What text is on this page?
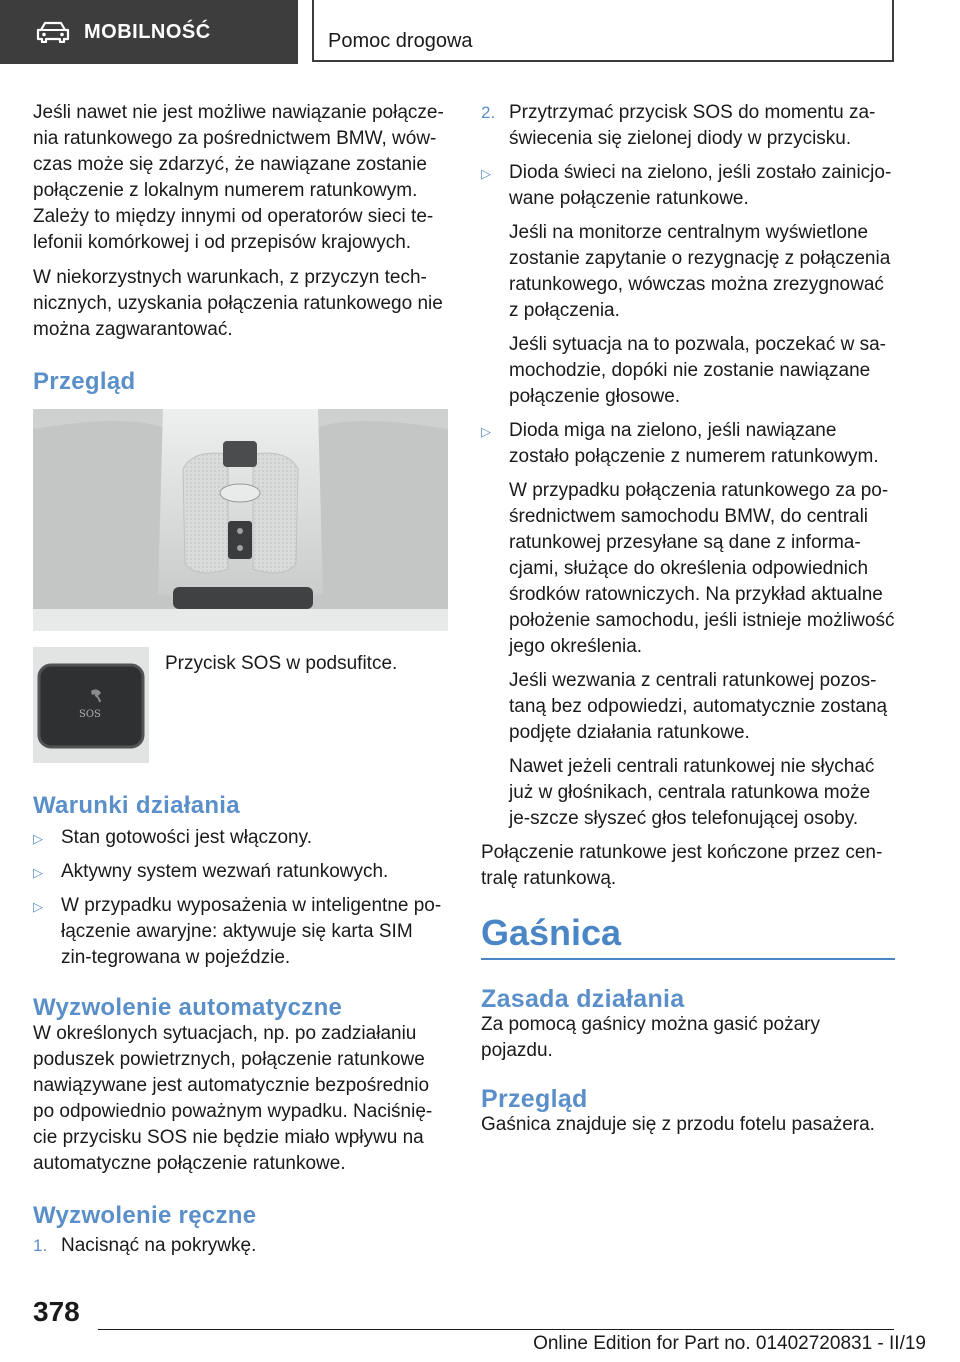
MOBILNOŚĆ	Pomoc drogowa

Jeśli nawet nie jest możliwe nawiązanie połącze-nia ratunkowego za pośrednictwem BMW, wów-czas może się zdarzyć, że nawiązane zostanie połączenie z lokalnym numerem ratunkowym. Zależy to między innymi od operatorów sieci te-lefonii komórkowej i od przepisów krajowych.

W niekorzystnych warunkach, z przyczyn tech-nicznych, uzyskania połączenia ratunkowego nie można zagwarantować.

Przegląd
SOS
Przycisk SOS w podsufitce.
Warunki działania
▷ Stan gotowości jest włączony.
▷ Aktywny system wezwań ratunkowych.
▷ W przypadku wyposażenia w inteligentne po-łączenie awaryjne: aktywuje się karta SIM zin-tegrowana w pojeździe.
Wyzwolenie automatyczne

W określonych sytuacjach, np. po zadziałaniu poduszek powietrznych, połączenie ratunkowe nawiązywane jest automatycznie bezpośrednio po odpowiednio poważnym wypadku. Naciśnię-cie przycisku SOS nie będzie miało wpływu na automatyczne połączenie ratunkowe.

Wyzwolenie ręczne
1. Nacisnąć na pokrywkę.
2. Przytrzymać przycisk SOS do momentu za-świecenia się zielonej diody w przycisku.
▷ Dioda świeci na zielono, jeśli zostało zainicjo-wane połączenie ratunkowe.
Jeśli na monitorze centralnym wyświetlone zostanie zapytanie o rezygnację z połączenia ratunkowego, wówczas można zrezygnować z połączenia.
Jeśli sytuacja na to pozwala, poczekać w sa-mochodzie, dopóki nie zostanie nawiązane połączenie głosowe.
▷ Dioda miga na zielono, jeśli nawiązane zostało połączenie z numerem ratunkowym.
W przypadku połączenia ratunkowego za po-średnictwem samochodu BMW, do centrali ratunkowej przesyłane są dane z informa-cjami, służące do określenia odpowiednich środków ratowniczych. Na przykład aktualne położenie samochodu, jeśli istnieje możliwość jego określenia.
Jeśli wezwania z centrali ratunkowej pozos-taną bez odpowiedzi, automatycznie zostaną podjęte działania ratunkowe.
Nawet jeżeli centrali ratunkowej nie słychać już w głośnikach, centrala ratunkowa może je-szcze słyszeć głos telefonującej osoby.

Połączenie ratunkowe jest kończone przez cen-tralę ratunkową.

Gaśnica
Zasada działania

Za pomocą gaśnicy można gasić pożary pojazdu.

Przegląd

Gaśnica znajduje się z przodu fotelu pasażera.

378
Online Edition for Part no. 01402720831 - II/19
